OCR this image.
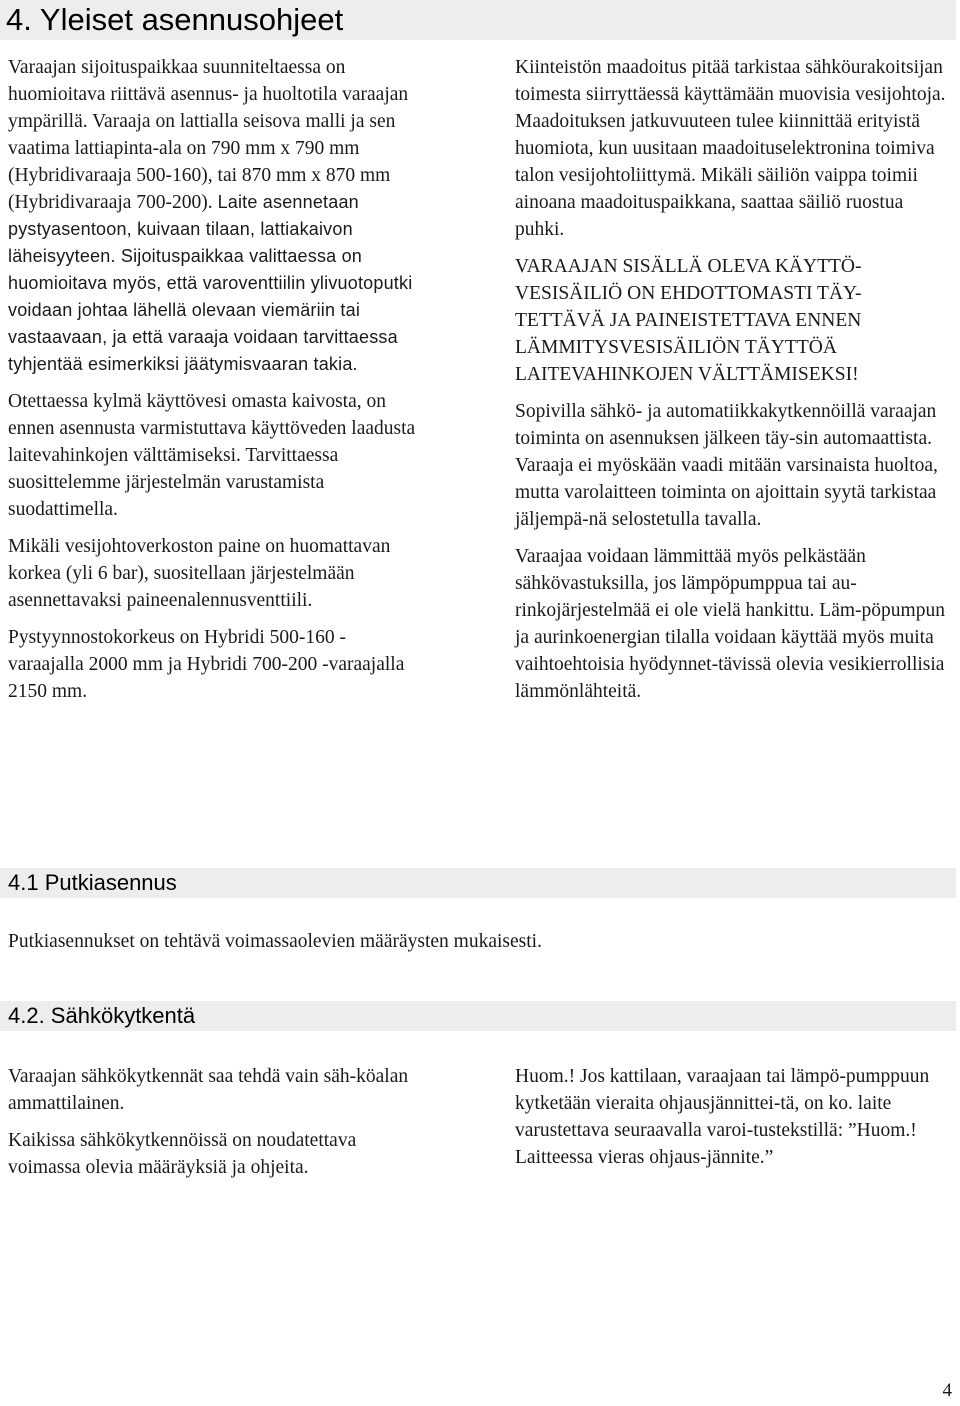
4. Yleiset asennusohjeet

Varaajan sijoituspaikkaa suunniteltaessa on huomioitava riittävä asennus- ja huoltotila varaajan ympärillä. Varaaja on lattialla seisova malli ja sen vaatima lattiapinta-ala on 790 mm x 790 mm (Hybridivaraaja 500-160), tai 870 mm x 870 mm (Hybridivaraaja 700-200). Laite asennetaan pystyasentoon, kuivaan tilaan, lattiakaivon läheisyyteen. Sijoituspaikkaa valittaessa on huomioitava myös, että varoventtiilin ylivuotoputki voidaan johtaa lähellä olevaan viemäriin tai vastaavaan, ja että varaaja voidaan tarvittaessa tyhjentää esimerkiksi jäätymisvaaran takia.

Otettaessa kylmä käyttövesi omasta kaivosta, on ennen asennusta varmistuttava käyttöveden laadusta laitevahinkojen välttämiseksi. Tarvittaessa suosittelemme järjestelmän varustamista suodattimella.

Mikäli vesijohtoverkoston paine on huomattavan korkea (yli 6 bar), suositellaan järjestelmään asennettavaksi paineenalennusventtiili.

Pystyynnostokorkeus on Hybridi 500-160 -varaajalla 2000 mm ja Hybridi 700-200 -varaajalla 2150 mm.

Kiinteistön maadoitus pitää tarkistaa sähköurakoitsijan toimesta siirryttäessä käyttämään muovisia vesijohtoja. Maadoituksen jatkuvuuteen tulee kiinnittää erityistä huomiota, kun uusitaan maadoituselektronina toimiva talon vesijohtoliittymä. Mikäli säiliön vaippa toimii ainoana maadoituspaikkana, saattaa säiliö ruostua puhki.

VARAAJAN SISÄLLÄ OLEVA KÄYTTÖ-VESISÄILIÖ ON EHDOTTOMASTI TÄY-TETTÄVÄ JA PAINEISTETTAVA ENNEN LÄMMITYSVESISÄILIÖN TÄYTTÖÄ LAITEVAHINKOJEN VÄLTTÄMISEKSI!

Sopivilla sähkö- ja automatiikkakytkennöillä varaajan toiminta on asennuksen jälkeen täy-sin automaattista. Varaaja ei myöskään vaadi mitään varsinaista huoltoa, mutta varolaitteen toiminta on ajoittain syytä tarkistaa jäljempä-nä selostetulla tavalla.

Varaajaa voidaan lämmittää myös pelkästään sähkövastuksilla, jos lämpöpumppua tai au-rinkojärjestelmää ei ole vielä hankittu. Läm-pöpumpun ja aurinkoenergian tilalla voidaan käyttää myös muita vaihtoehtoisia hyödynnet-tävissä olevia vesikierrollisia lämmönlähteitä.

4.1 Putkiasennus
Putkiasennukset on tehtävä voimassaolevien määräysten mukaisesti.
4.2. Sähkökytkentä

Varaajan sähkökytkennät saa tehdä vain säh-köalan ammattilainen.

Kaikissa sähkökytkennöissä on noudatettava voimassa olevia määräyksiä ja ohjeita.

Huom.! Jos kattilaan, varaajaan tai lämpö-pumppuun kytketään vieraita ohjausjännittei-tä, on ko. laite varustettava seuraavalla varoi-tustekstillä: ”Huom.! Laitteessa vieras ohjaus-jännite.”

4
